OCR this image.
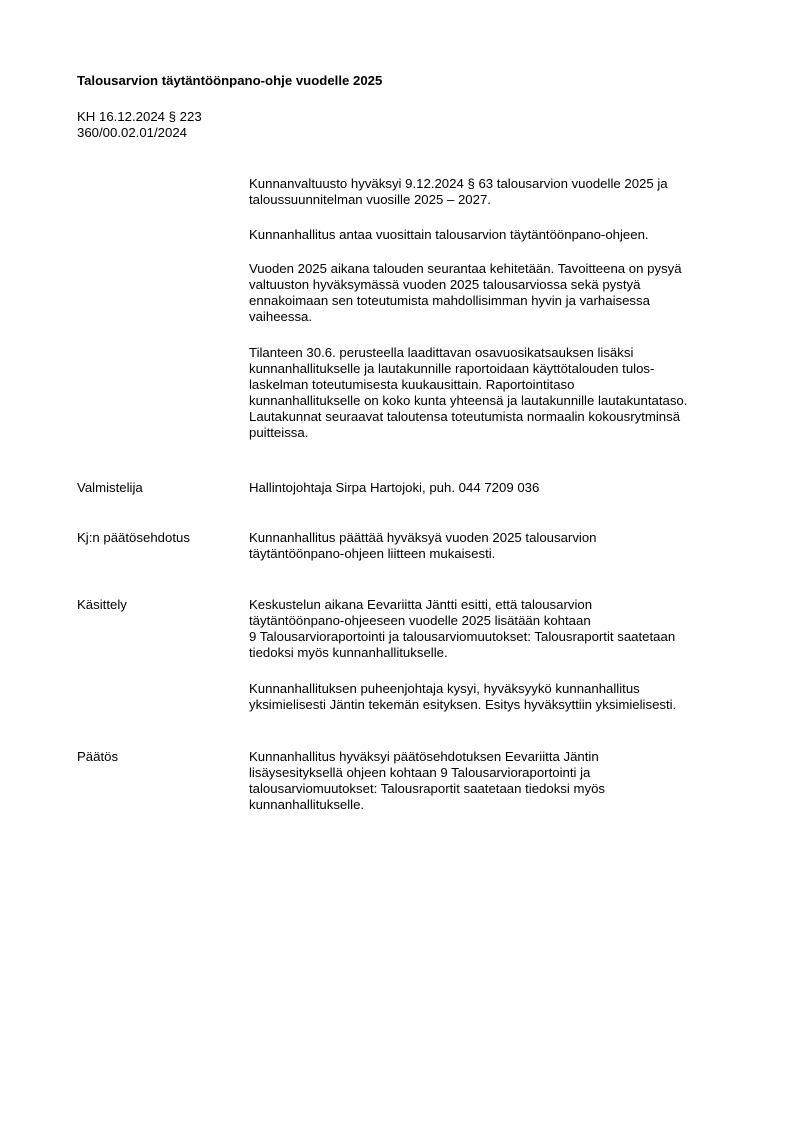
Talousarvion täytäntöönpano-ohje vuodelle 2025
KH 16.12.2024 § 223
360/00.02.01/2024

Kunnanvaltuusto hyväksyi 9.12.2024 § 63 talousarvion vuodelle 2025 ja
taloussuunnitelman vuosille 2025 – 2027.

Kunnanhallitus antaa vuosittain talousarvion täytäntöönpano-ohjeen.

Vuoden 2025 aikana talouden seurantaa kehitetään. Tavoitteena on pysyä
valtuuston hyväksymässä vuoden 2025 talousarviossa sekä pystyä
ennakoimaan sen toteutumista mahdollisimman hyvin ja varhaisessa
vaiheessa.

Tilanteen 30.6. perusteella laadittavan osavuosikatsauksen lisäksi
kunnanhallitukselle ja lautakunnille raportoidaan käyttötalouden tulos-
laskelman toteutumisesta kuukausittain. Raportointitaso
kunnanhallitukselle on koko kunta yhteensä ja lautakunnille lautakuntataso.
Lautakunnat seuraavat taloutensa toteutumista normaalin kokousrytminsä
puitteissa.

Valmistelija	Hallintojohtaja Sirpa Hartojoki, puh. 044 7209 036
Kj:n päätösehdotus	Kunnanhallitus päättää hyväksyä vuoden 2025 talousarvion
täytäntöönpano-ohjeen liitteen mukaisesti.
Käsittely	Keskustelun aikana Eevariitta Jäntti esitti, että talousarvion
täytäntöönpano-ohjeeseen vuodelle 2025 lisätään kohtaan
9 Talousarvioraportointi ja talousarviomuutokset: Talousraportit saatetaan
tiedoksi myös kunnanhallitukselle.

Kunnanhallituksen puheenjohtaja kysyi, hyväksyykö kunnanhallitus
yksimielisesti Jäntin tekemän esityksen. Esitys hyväksyttiin yksimielisesti.

Päätös	Kunnanhallitus hyväksyi päätösehdotuksen Eevariitta Jäntin
lisäysesityksellä ohjeen kohtaan 9 Talousarvioraportointi ja
talousarviomuutokset: Talousraportit saatetaan tiedoksi myös
kunnanhallitukselle.
